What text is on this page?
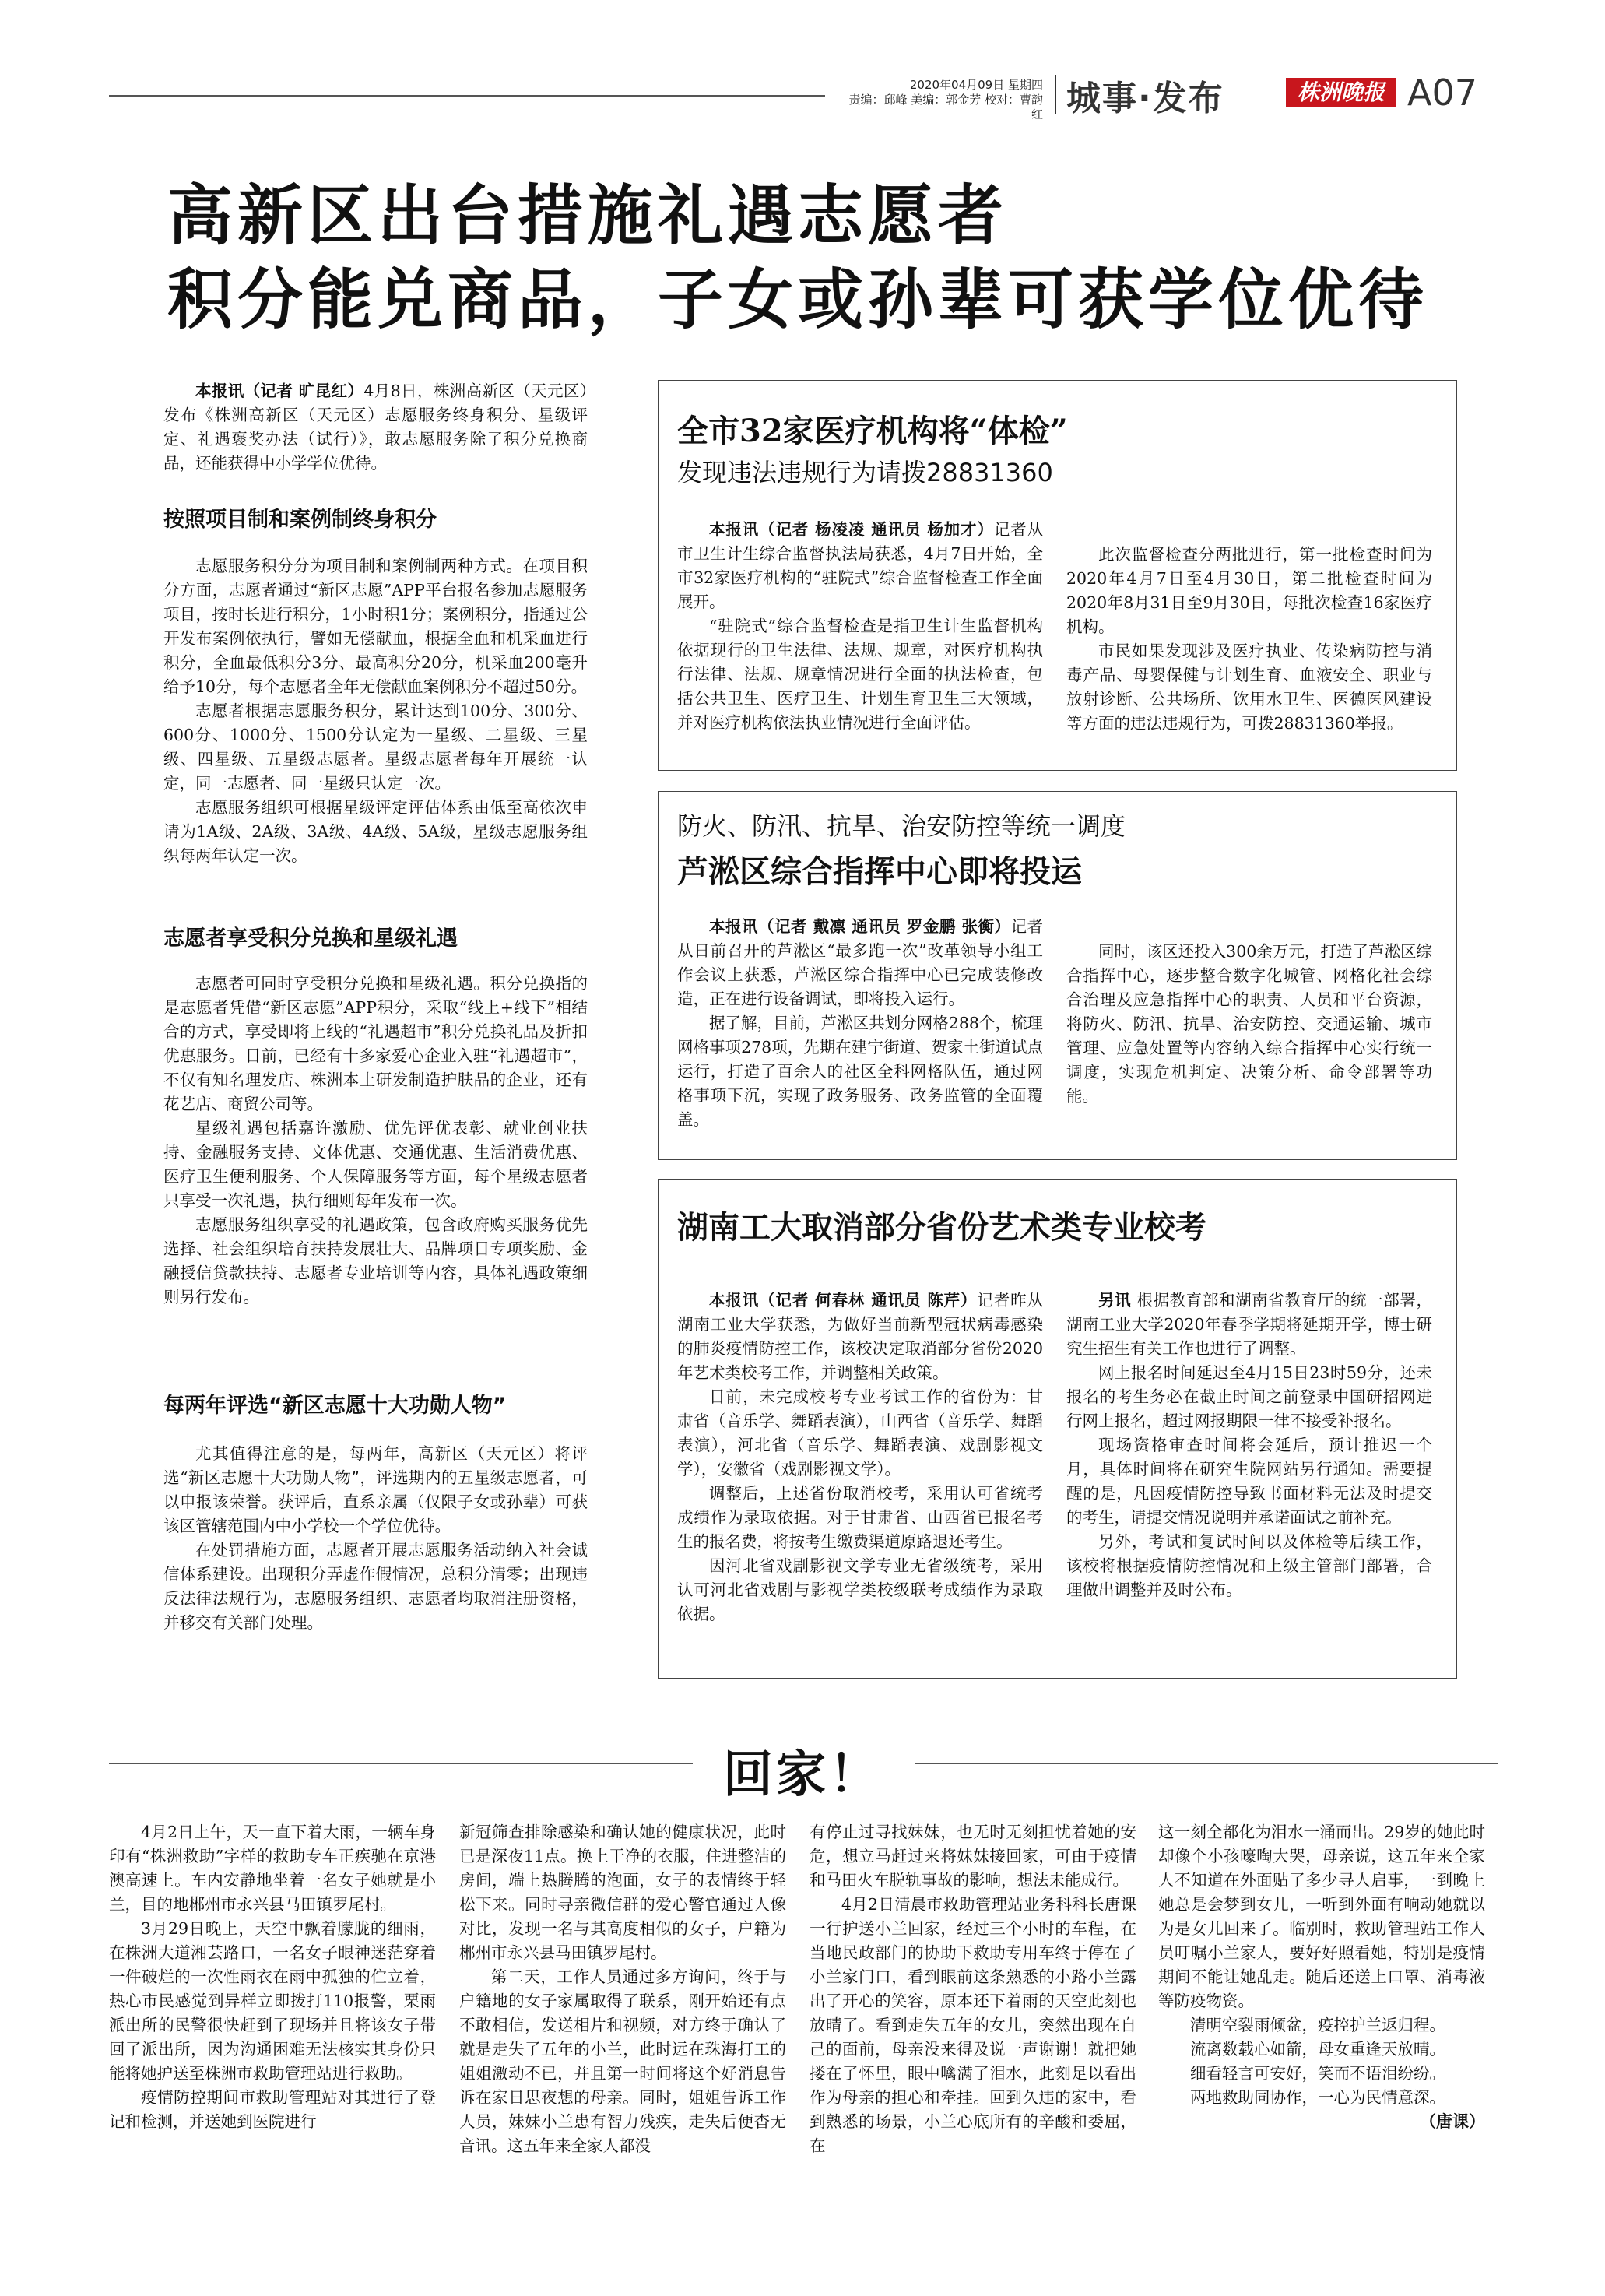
2020年04月09日 星期四
责编：邱峰 美编：郭金芳 校对：曹韵红 城事·发布	株洲晚报 A07
高新区出台措施礼遇志愿者
积分能兑商品，子女或孙辈可获学位优待

本报讯（记者 旷昆红）4月8日，株洲高新区（天元区）发布《株洲高新区（天元区）志愿服务终身积分、星级评定、礼遇褒奖办法（试行）》，敢志愿服务除了积分兑换商品，还能获得中小学学位优待。

按照项目制和案例制终身积分

志愿服务积分分为项目制和案例制两种方式。在项目积分方面，志愿者通过“新区志愿”APP平台报名参加志愿服务项目，按时长进行积分，1小时积1分；案例积分，指通过公开发布案例依执行，譬如无偿献血，根据全血和机采血进行积分，全血最低积分3分、最高积分20分，机采血200毫升给予10分，每个志愿者全年无偿献血案例积分不超过50分。

志愿者根据志愿服务积分，累计达到100分、300分、600分、1000分、1500分认定为一星级、二星级、三星级、四星级、五星级志愿者。星级志愿者每年开展统一认定，同一志愿者、同一星级只认定一次。

志愿服务组织可根据星级评定评估体系由低至高依次申请为1A级、2A级、3A级、4A级、5A级，星级志愿服务组织每两年认定一次。

志愿者享受积分兑换和星级礼遇

志愿者可同时享受积分兑换和星级礼遇。积分兑换指的是志愿者凭借“新区志愿”APP积分，采取“线上+线下”相结合的方式，享受即将上线的“礼遇超市”积分兑换礼品及折扣优惠服务。目前，已经有十多家爱心企业入驻“礼遇超市”，不仅有知名理发店、株洲本土研发制造护肤品的企业，还有花艺店、商贸公司等。

星级礼遇包括嘉许激励、优先评优表彰、就业创业扶持、金融服务支持、文体优惠、交通优惠、生活消费优惠、医疗卫生便利服务、个人保障服务等方面，每个星级志愿者只享受一次礼遇，执行细则每年发布一次。

志愿服务组织享受的礼遇政策，包含政府购买服务优先选择、社会组织培育扶持发展壮大、品牌项目专项奖励、金融授信贷款扶持、志愿者专业培训等内容，具体礼遇政策细则另行发布。

每两年评选“新区志愿十大功勋人物”

尤其值得注意的是，每两年，高新区（天元区）将评选“新区志愿十大功勋人物”，评选期内的五星级志愿者，可以申报该荣誉。获评后，直系亲属（仅限子女或孙辈）可获该区管辖范围内中小学校一个学位优待。

在处罚措施方面，志愿者开展志愿服务活动纳入社会诚信体系建设。出现积分弄虚作假情况，总积分清零；出现违反法律法规行为，志愿服务组织、志愿者均取消注册资格，并移交有关部门处理。

全市32家医疗机构将“体检”
发现违法违规行为请拨28831360

本报讯（记者 杨凌凌 通讯员 杨加才）记者从市卫生计生综合监督执法局获悉，4月7日开始，全市32家医疗机构的“驻院式”综合监督检查工作全面展开。

“驻院式”综合监督检查是指卫生计生监督机构依据现行的卫生法律、法规、规章，对医疗机构执行法律、法规、规章情况进行全面的执法检查，包括公共卫生、医疗卫生、计划生育卫生三大领域，并对医疗机构依法执业情况进行全面评估。

此次监督检查分两批进行，第一批检查时间为2020年4月7日至4月30日，第二批检查时间为2020年8月31日至9月30日，每批次检查16家医疗机构。

市民如果发现涉及医疗执业、传染病防控与消毒产品、母婴保健与计划生育、血液安全、职业与放射诊断、公共场所、饮用水卫生、医德医风建设等方面的违法违规行为，可拨28831360举报。

防火、防汛、抗旱、治安防控等统一调度
芦淞区综合指挥中心即将投运

本报讯（记者 戴凛 通讯员 罗金鹏 张衡）记者从日前召开的芦淞区“最多跑一次”改革领导小组工作会议上获悉，芦淞区综合指挥中心已完成装修改造，正在进行设备调试，即将投入运行。

据了解，目前，芦淞区共划分网格288个，梳理网格事项278项，先期在建宁街道、贺家土街道试点运行，打造了百余人的社区全科网格队伍，通过网格事项下沉，实现了政务服务、政务监管的全面覆盖。

同时，该区还投入300余万元，打造了芦淞区综合指挥中心，逐步整合数字化城管、网格化社会综合治理及应急指挥中心的职责、人员和平台资源，将防火、防汛、抗旱、治安防控、交通运输、城市管理、应急处置等内容纳入综合指挥中心实行统一调度，实现危机判定、决策分析、命令部署等功能。

湖南工大取消部分省份艺术类专业校考

本报讯（记者 何春林 通讯员 陈芹）记者昨从湖南工业大学获悉，为做好当前新型冠状病毒感染的肺炎疫情防控工作，该校决定取消部分省份2020年艺术类校考工作，并调整相关政策。

目前，未完成校考专业考试工作的省份为：甘肃省（音乐学、舞蹈表演），山西省（音乐学、舞蹈表演），河北省（音乐学、舞蹈表演、戏剧影视文学），安徽省（戏剧影视文学）。

调整后，上述省份取消校考，采用认可省统考成绩作为录取依据。对于甘肃省、山西省已报名考生的报名费，将按考生缴费渠道原路退还考生。

因河北省戏剧影视文学专业无省级统考，采用认可河北省戏剧与影视学类校级联考成绩作为录取依据。

另讯 根据教育部和湖南省教育厅的统一部署，湖南工业大学2020年春季学期将延期开学，博士研究生招生有关工作也进行了调整。

网上报名时间延迟至4月15日23时59分，还未报名的考生务必在截止时间之前登录中国研招网进行网上报名，超过网报期限一律不接受补报名。

现场资格审查时间将会延后，预计推迟一个月，具体时间将在研究生院网站另行通知。需要提醒的是，凡因疫情防控导致书面材料无法及时提交的考生，请提交情况说明并承诺面试之前补充。

另外，考试和复试时间以及体检等后续工作，该校将根据疫情防控情况和上级主管部门部署，合理做出调整并及时公布。

回家！

4月2日上午，天一直下着大雨，一辆车身印有“株洲救助”字样的救助专车正疾驰在京港澳高速上。车内安静地坐着一名女子她就是小兰，目的地郴州市永兴县马田镇罗尾村。

3月29日晚上，天空中飘着朦胧的细雨，在株洲大道湘芸路口，一名女子眼神迷茫穿着一件破烂的一次性雨衣在雨中孤独的伫立着，热心市民感觉到异样立即拨打110报警，栗雨派出所的民警很快赶到了现场并且将该女子带回了派出所，因为沟通困难无法核实其身份只能将她护送至株洲市救助管理站进行救助。

疫情防控期间市救助管理站对其进行了登记和检测，并送她到医院进行

新冠筛查排除感染和确认她的健康状况，此时已是深夜11点。换上干净的衣服，住进整洁的房间，端上热腾腾的泡面，女子的表情终于轻松下来。同时寻亲微信群的爱心警官通过人像对比，发现一名与其高度相似的女子，户籍为郴州市永兴县马田镇罗尾村。

第二天，工作人员通过多方询问，终于与户籍地的女子家属取得了联系，刚开始还有点不敢相信，发送相片和视频，对方终于确认了就是走失了五年的小兰，此时远在珠海打工的姐姐激动不已，并且第一时间将这个好消息告诉在家日思夜想的母亲。同时，姐姐告诉工作人员，妹妹小兰患有智力残疾，走失后便杳无音讯。这五年来全家人都没

有停止过寻找妹妹，也无时无刻担忧着她的安危，想立马赶过来将妹妹接回家，可由于疫情和马田火车脱轨事故的影响，想法未能成行。

4月2日清晨市救助管理站业务科科长唐课一行护送小兰回家，经过三个小时的车程，在当地民政部门的协助下救助专用车终于停在了小兰家门口，看到眼前这条熟悉的小路小兰露出了开心的笑容，原本还下着雨的天空此刻也放晴了。看到走失五年的女儿，突然出现在自己的面前，母亲没来得及说一声谢谢！就把她搂在了怀里，眼中噙满了泪水，此刻足以看出作为母亲的担心和牵挂。回到久违的家中，看到熟悉的场景，小兰心底所有的辛酸和委屈，在

这一刻全都化为泪水一涌而出。29岁的她此时却像个小孩嚎啕大哭，母亲说，这五年来全家人不知道在外面贴了多少寻人启事，一到晚上她总是会梦到女儿，一听到外面有响动她就以为是女儿回来了。临别时，救助管理站工作人员叮嘱小兰家人，要好好照看她，特别是疫情期间不能让她乱走。随后还送上口罩、消毒液等防疫物资。

清明空裂雨倾盆，疫控护兰返归程。

流离数载心如箭，母女重逢天放晴。

细看轻言可安好，笑而不语泪纷纷。

两地救助同协作，一心为民情意深。

（唐课）
